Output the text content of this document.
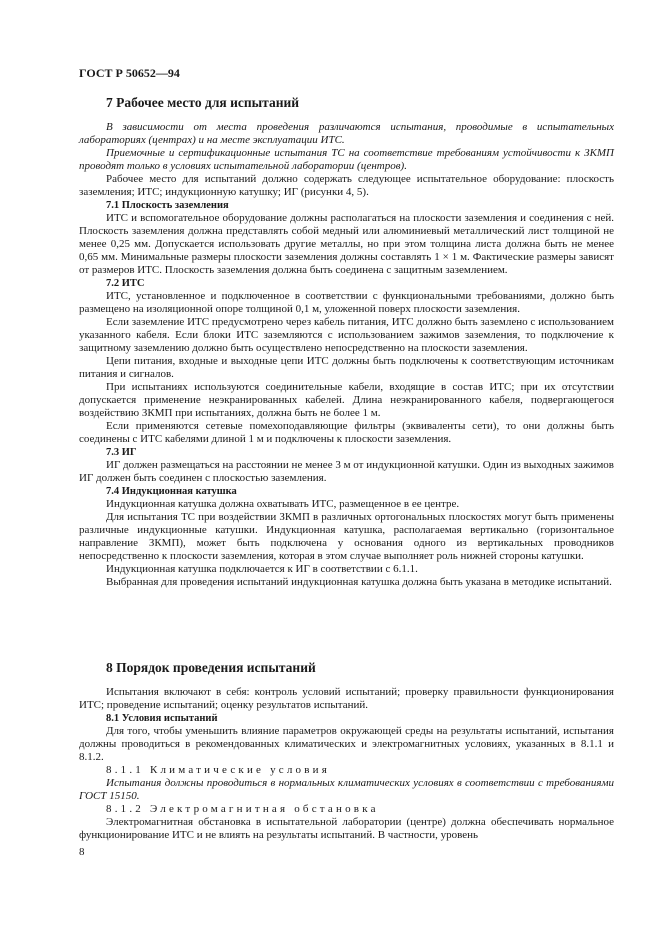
ГОСТ Р 50652—94
7 Рабочее место для испытаний

В зависимости от места проведения различаются испытания, проводимые в испытательных лабораториях (центрах) и на месте эксплуатации ИТС.

Приемочные и сертификационные испытания ТС на соответствие требованиям устойчивости к ЗКМП проводят только в условиях испытательной лаборатории (центров).

Рабочее место для испытаний должно содержать следующее испытательное оборудование: плоскость заземления; ИТС; индукционную катушку; ИГ (рисунки 4, 5).

7.1 Плоскость заземления

ИТС и вспомогательное оборудование должны располагаться на плоскости заземления и соединения с ней. Плоскость заземления должна представлять собой медный или алюминиевый металлический лист толщиной не менее 0,25 мм. Допускается использовать другие металлы, но при этом толщина листа должна быть не менее 0,65 мм. Минимальные размеры плоскости заземления должны составлять 1 × 1 м. Фактические размеры зависят от размеров ИТС. Плоскость заземления должна быть соединена с защитным заземлением.

7.2 ИТС

ИТС, установленное и подключенное в соответствии с функциональными требованиями, должно быть размещено на изоляционной опоре толщиной 0,1 м, уложенной поверх плоскости заземления.

Если заземление ИТС предусмотрено через кабель питания, ИТС должно быть заземлено с использованием указанного кабеля. Если блоки ИТС заземляются с использованием зажимов заземления, то подключение к защитному заземлению должно быть осуществлено непосредственно на плоскости заземления.

Цепи питания, входные и выходные цепи ИТС должны быть подключены к соответствующим источникам питания и сигналов.

При испытаниях используются соединительные кабели, входящие в состав ИТС; при их отсутствии допускается применение неэкранированных кабелей. Длина неэкранированного кабеля, подвергающегося воздействию ЗКМП при испытаниях, должна быть не более 1 м.

Если применяются сетевые помехоподавляющие фильтры (эквиваленты сети), то они должны быть соединены с ИТС кабелями длиной 1 м и подключены к плоскости заземления.

7.3 ИГ

ИГ должен размещаться на расстоянии не менее 3 м от индукционной катушки. Один из выходных зажимов ИГ должен быть соединен с плоскостью заземления.

7.4 Индукционная катушка

Индукционная катушка должна охватывать ИТС, размещенное в ее центре.

Для испытания ТС при воздействии ЗКМП в различных ортогональных плоскостях могут быть применены различные индукционные катушки. Индукционная катушка, располагаемая вертикально (горизонтальное направление ЗКМП), может быть подключена у основания одного из вертикальных проводников непосредственно к плоскости заземления, которая в этом случае выполняет роль нижней стороны катушки.

Индукционная катушка подключается к ИГ в соответствии с 6.1.1.

Выбранная для проведения испытаний индукционная катушка должна быть указана в методике испытаний.

8 Порядок проведения испытаний

Испытания включают в себя: контроль условий испытаний; проверку правильности функционирования ИТС; проведение испытаний; оценку результатов испытаний.

8.1 Условия испытаний

Для того, чтобы уменьшить влияние параметров окружающей среды на результаты испытаний, испытания должны проводиться в рекомендованных климатических и электромагнитных условиях, указанных в 8.1.1 и 8.1.2.

8.1.1 Климатические условия

Испытания должны проводиться в нормальных климатических условиях в соответствии с требованиями ГОСТ 15150.

8.1.2 Электромагнитная обстановка

Электромагнитная обстановка в испытательной лаборатории (центре) должна обеспечивать нормальное функционирование ИТС и не влиять на результаты испытаний. В частности, уровень

8
